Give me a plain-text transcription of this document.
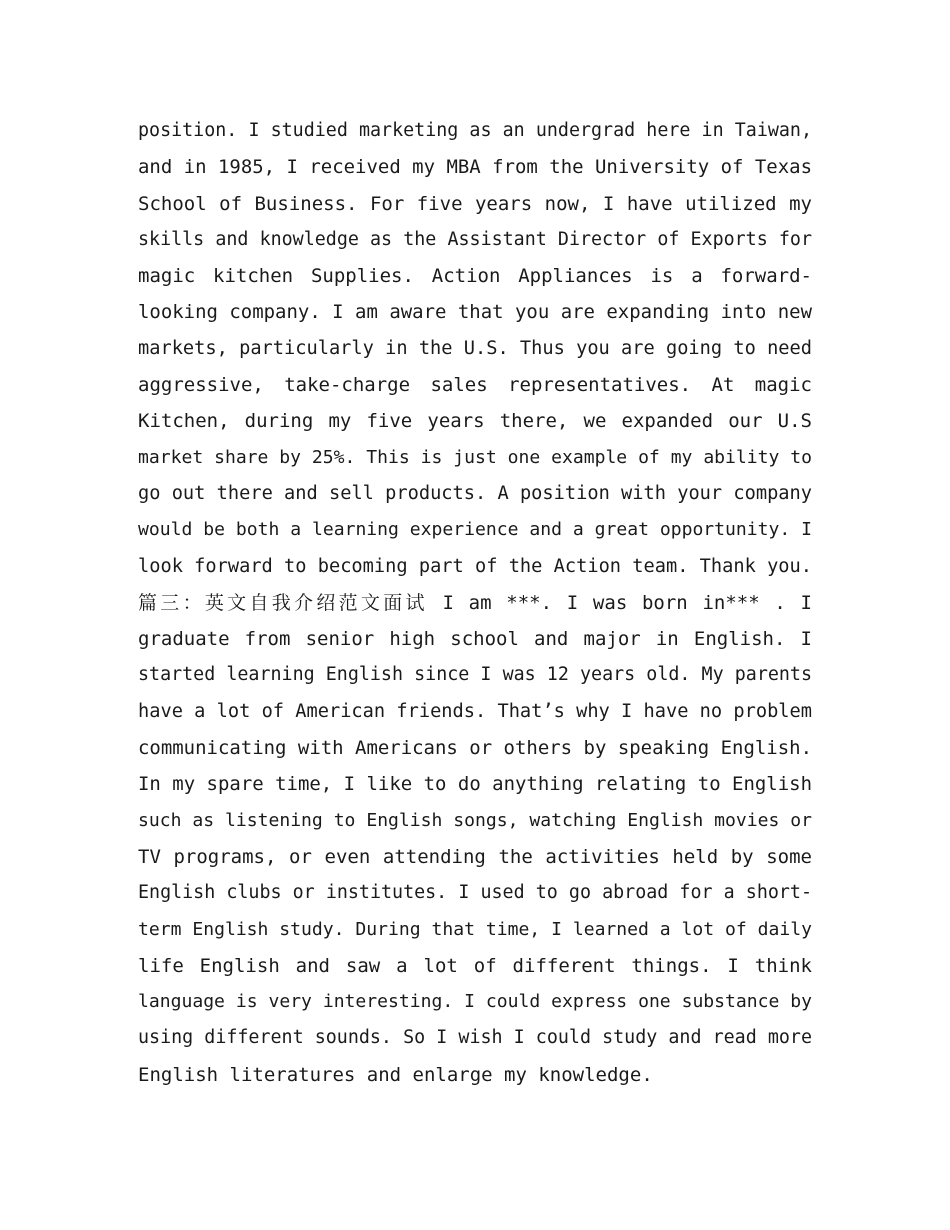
position. I studied marketing as an undergrad here in Taiwan,
and in 1985, I received my MBA from the University of Texas
School of Business. For five years now, I have utilized my
skills and knowledge as the Assistant Director of Exports for
magic kitchen Supplies. Action Appliances is a forward-
looking company. I am aware that you are expanding into new
markets, particularly in the U.S. Thus you are going to need
aggressive, take-charge sales representatives. At magic
Kitchen, during my five years there, we expanded our U.S
market share by 25%. This is just one example of my ability to
go out there and sell products. A position with your company
would be both a learning experience and a great opportunity. I
look forward to becoming part of the Action team. Thank you.
篇三：英文自我介绍范文面试 I am ***. I was born in*** . I
graduate from senior high school and major in English. I
started learning English since I was 12 years old. My parents
have a lot of American friends. That’s why I have no problem
communicating with Americans or others by speaking English.
In my spare time, I like to do anything relating to English
such as listening to English songs, watching English movies or
TV programs, or even attending the activities held by some
English clubs or institutes. I used to go abroad for a short-
term English study. During that time, I learned a lot of daily
life English and saw a lot of different things. I think
language is very interesting. I could express one substance by
using different sounds. So I wish I could study and read more
English literatures and enlarge my knowledge.
